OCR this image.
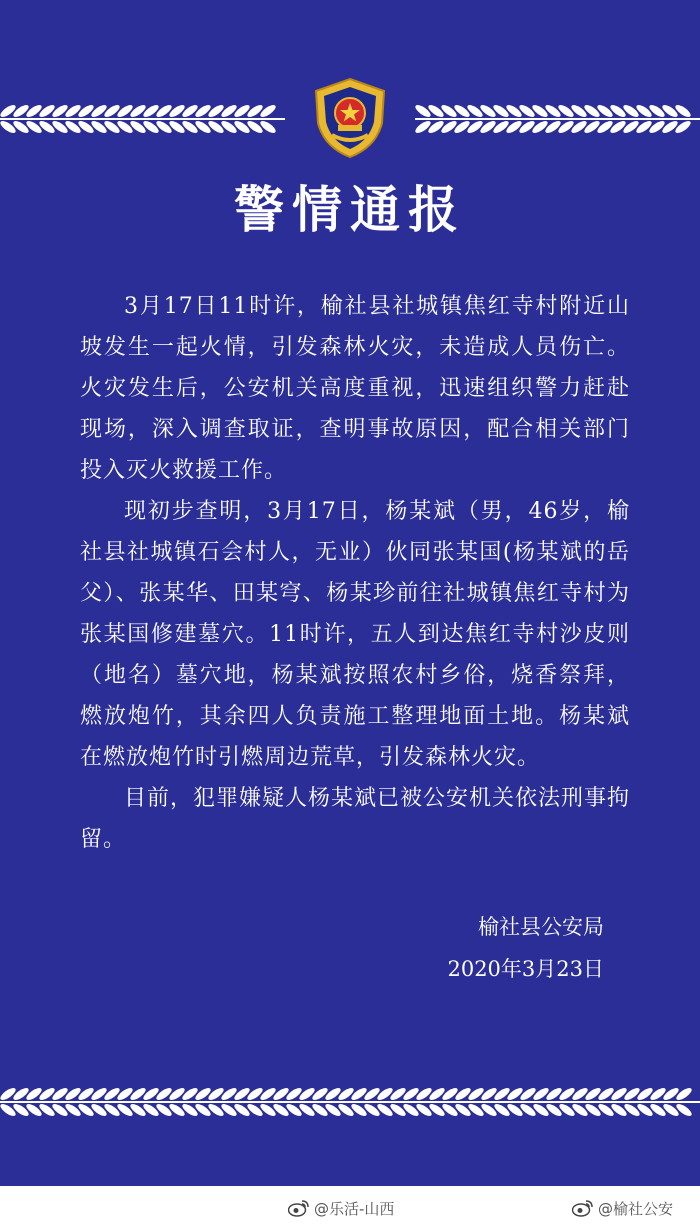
警情通报

3月17日11时许，榆社县社城镇焦红寺村附近山坡发生一起火情，引发森林火灾，未造成人员伤亡。火灾发生后，公安机关高度重视，迅速组织警力赶赴现场，深入调查取证，查明事故原因，配合相关部门投入灭火救援工作。

现初步查明，3月17日，杨某斌（男，46岁，榆社县社城镇石会村人，无业）伙同张某国(杨某斌的岳父）、张某华、田某穹、杨某珍前往社城镇焦红寺村为张某国修建墓穴。11时许，五人到达焦红寺村沙皮则（地名）墓穴地，杨某斌按照农村乡俗，烧香祭拜，燃放炮竹，其余四人负责施工整理地面土地。杨某斌在燃放炮竹时引燃周边荒草，引发森林火灾。

目前，犯罪嫌疑人杨某斌已被公安机关依法刑事拘留。

榆社县公安局
2020年3月23日
@乐活-山西	@榆社公安
